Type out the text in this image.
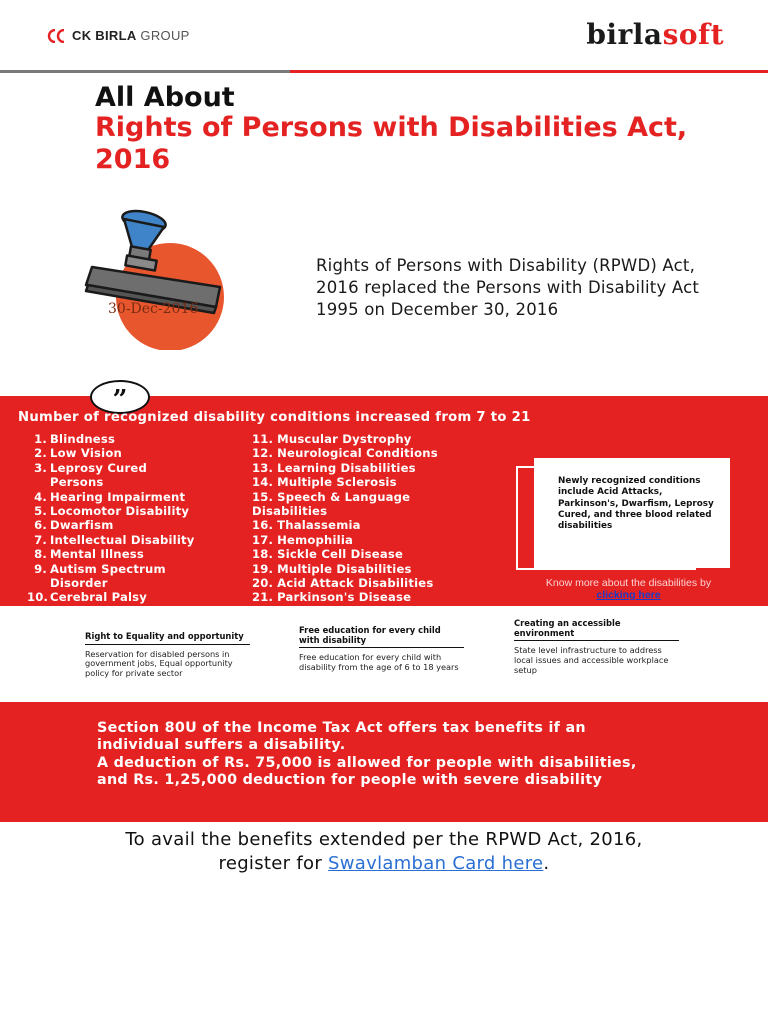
CK BIRLA GROUP	birlasoft
All About
Rights of Persons with Disabilities Act, 2016
30-Dec-2016
Rights of Persons with Disability (RPWD) Act, 2016 replaced the Persons with Disability Act 1995 on December 30, 2016
”
Number of recognized disability conditions increased from 7 to 21
1. Blindness
2. Low Vision
3. Leprosy Cured Persons
4. Hearing Impairment
5. Locomotor Disability
6. Dwarfism
7. Intellectual Disability
8. Mental Illness
9. Autism Spectrum Disorder
10. Cerebral Palsy
11. Muscular Dystrophy
12. Neurological Conditions
13. Learning Disabilities
14. Multiple Sclerosis
15. Speech & Language Disabilities
16. Thalassemia
17. Hemophilia
18. Sickle Cell Disease
19. Multiple Disabilities
20. Acid Attack Disabilities
21. Parkinson's Disease
Newly recognized conditions include Acid Attacks, Parkinson's, Dwarfism, Leprosy Cured, and three blood related disabilities
Know more about the disabilities by
clicking here
Right to Equality and opportunity
Reservation for disabled persons in government jobs, Equal opportunity policy for private sector
Free education for every child with disability
Free education for every child with disability from the age of 6 to 18 years
Creating an accessible environment
State level infrastructure to address local issues and accessible workplace setup
Section 80U of the Income Tax Act offers tax benefits if an individual suffers a disability.
A deduction of Rs. 75,000 is allowed for people with disabilities, and Rs. 1,25,000 deduction for people with severe disability
To avail the benefits extended per the RPWD Act, 2016,
register for Swavlamban Card here.
